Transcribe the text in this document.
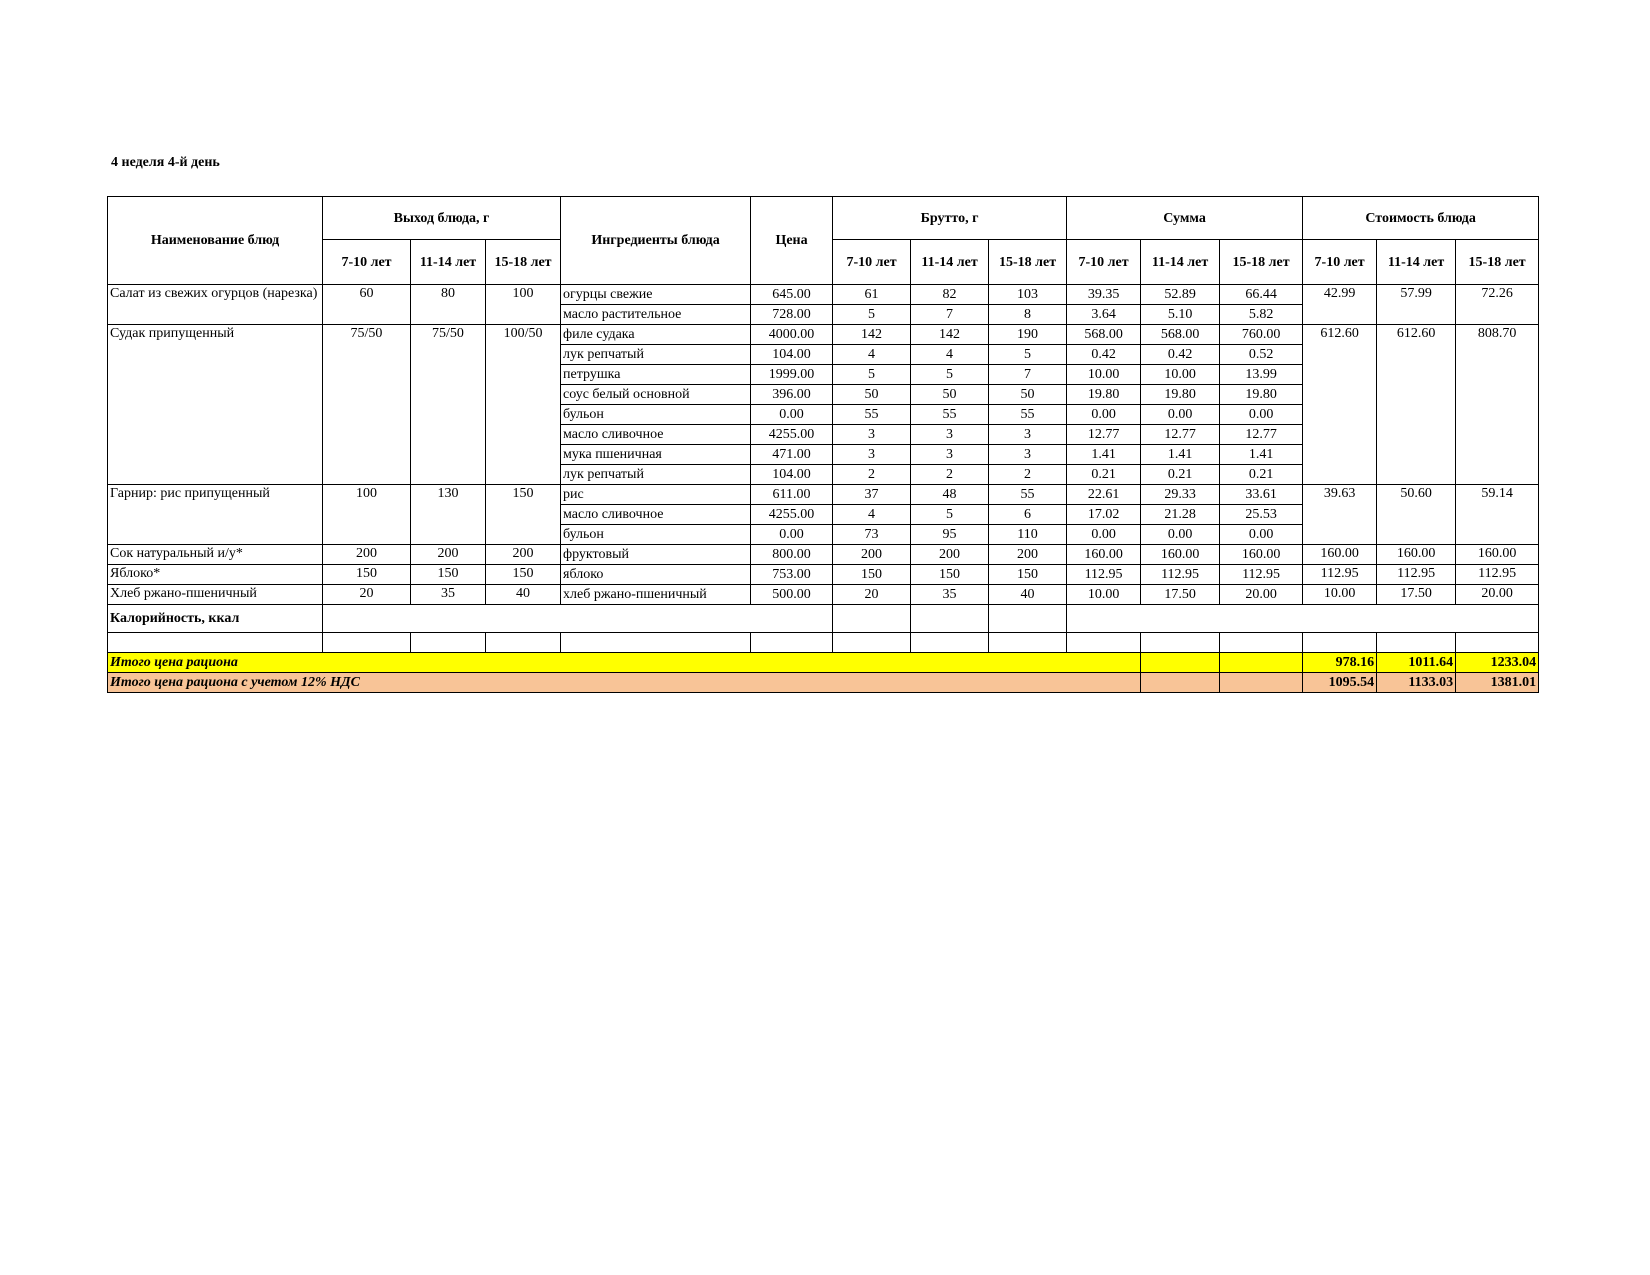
4 неделя 4-й день
Наименование блюд	Выход блюда, г			Ингредиенты блюда	Цена	Брутто, г			Сумма			Стоимость блюда		
	7-10 лет	11-14 лет	15-18 лет			7-10 лет	11-14 лет	15-18 лет	7-10 лет	11-14 лет	15-18 лет	7-10 лет	11-14 лет	15-18 лет
Салат из свежих огурцов (нарезка)	60	80	100	огурцы свежие	645.00	61	82	103	39.35	52.89	66.44	42.99	57.99	72.26
				масло растительное	728.00	5	7	8	3.64	5.10	5.82			
Судак припущенный	75/50	75/50	100/50	филе судака	4000.00	142	142	190	568.00	568.00	760.00	612.60	612.60	808.70
				лук репчатый	104.00	4	4	5	0.42	0.42	0.52			
				петрушка	1999.00	5	5	7	10.00	10.00	13.99			
				соус белый основной	396.00	50	50	50	19.80	19.80	19.80			
				бульон	0.00	55	55	55	0.00	0.00	0.00			
				масло сливочное	4255.00	3	3	3	12.77	12.77	12.77			
				мука пшеничная	471.00	3	3	3	1.41	1.41	1.41			
				лук репчатый	104.00	2	2	2	0.21	0.21	0.21			
Гарнир: рис припущенный	100	130	150	рис	611.00	37	48	55	22.61	29.33	33.61	39.63	50.60	59.14
				масло сливочное	4255.00	4	5	6	17.02	21.28	25.53			
				бульон	0.00	73	95	110	0.00	0.00	0.00			
Сок натуральный и/у*	200	200	200	фруктовый	800.00	200	200	200	160.00	160.00	160.00	160.00	160.00	160.00
Яблоко*	150	150	150	яблоко	753.00	150	150	150	112.95	112.95	112.95	112.95	112.95	112.95
Хлеб ржано-пшеничный	20	35	40	хлеб ржано-пшеничный	500.00	20	35	40	10.00	17.50	20.00	10.00	17.50	20.00
Калорийность, ккал														

Итого цена рациона												978.16	1011.64	1233.04
Итого цена рациона с учетом 12% НДС												1095.54	1133.03	1381.01
